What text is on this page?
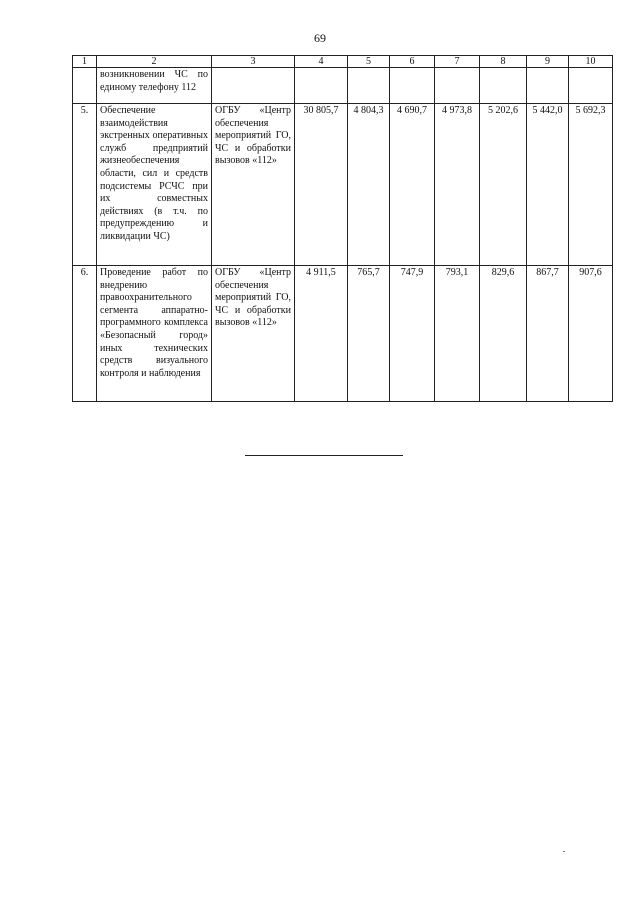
69
1	2	3	4	5	6	7	8	9	10
	возникновении ЧС по единому телефону 112								
5.	Обеспечение взаимодействия экстренных оперативных служб предприятий жизнеобеспечения области, сил и средств подсистемы РСЧС при их совместных действиях (в т.ч. по предупреждению и ликвидации ЧС)	ОГБУ «Центр обеспечения мероприятий ГО, ЧС и обработки вызовов «112»	30 805,7	4 804,3	4 690,7	4 973,8	5 202,6	5 442,0	5 692,3
6.	Проведение работ по внедрению правоохранительного сегмента аппаратно-программного комплекса «Безопасный город» иных технических средств визуального контроля и наблюдения	ОГБУ «Центр обеспечения мероприятий ГО, ЧС и обработки вызовов «112»	4 911,5	765,7	747,9	793,1	829,6	867,7	907,6
